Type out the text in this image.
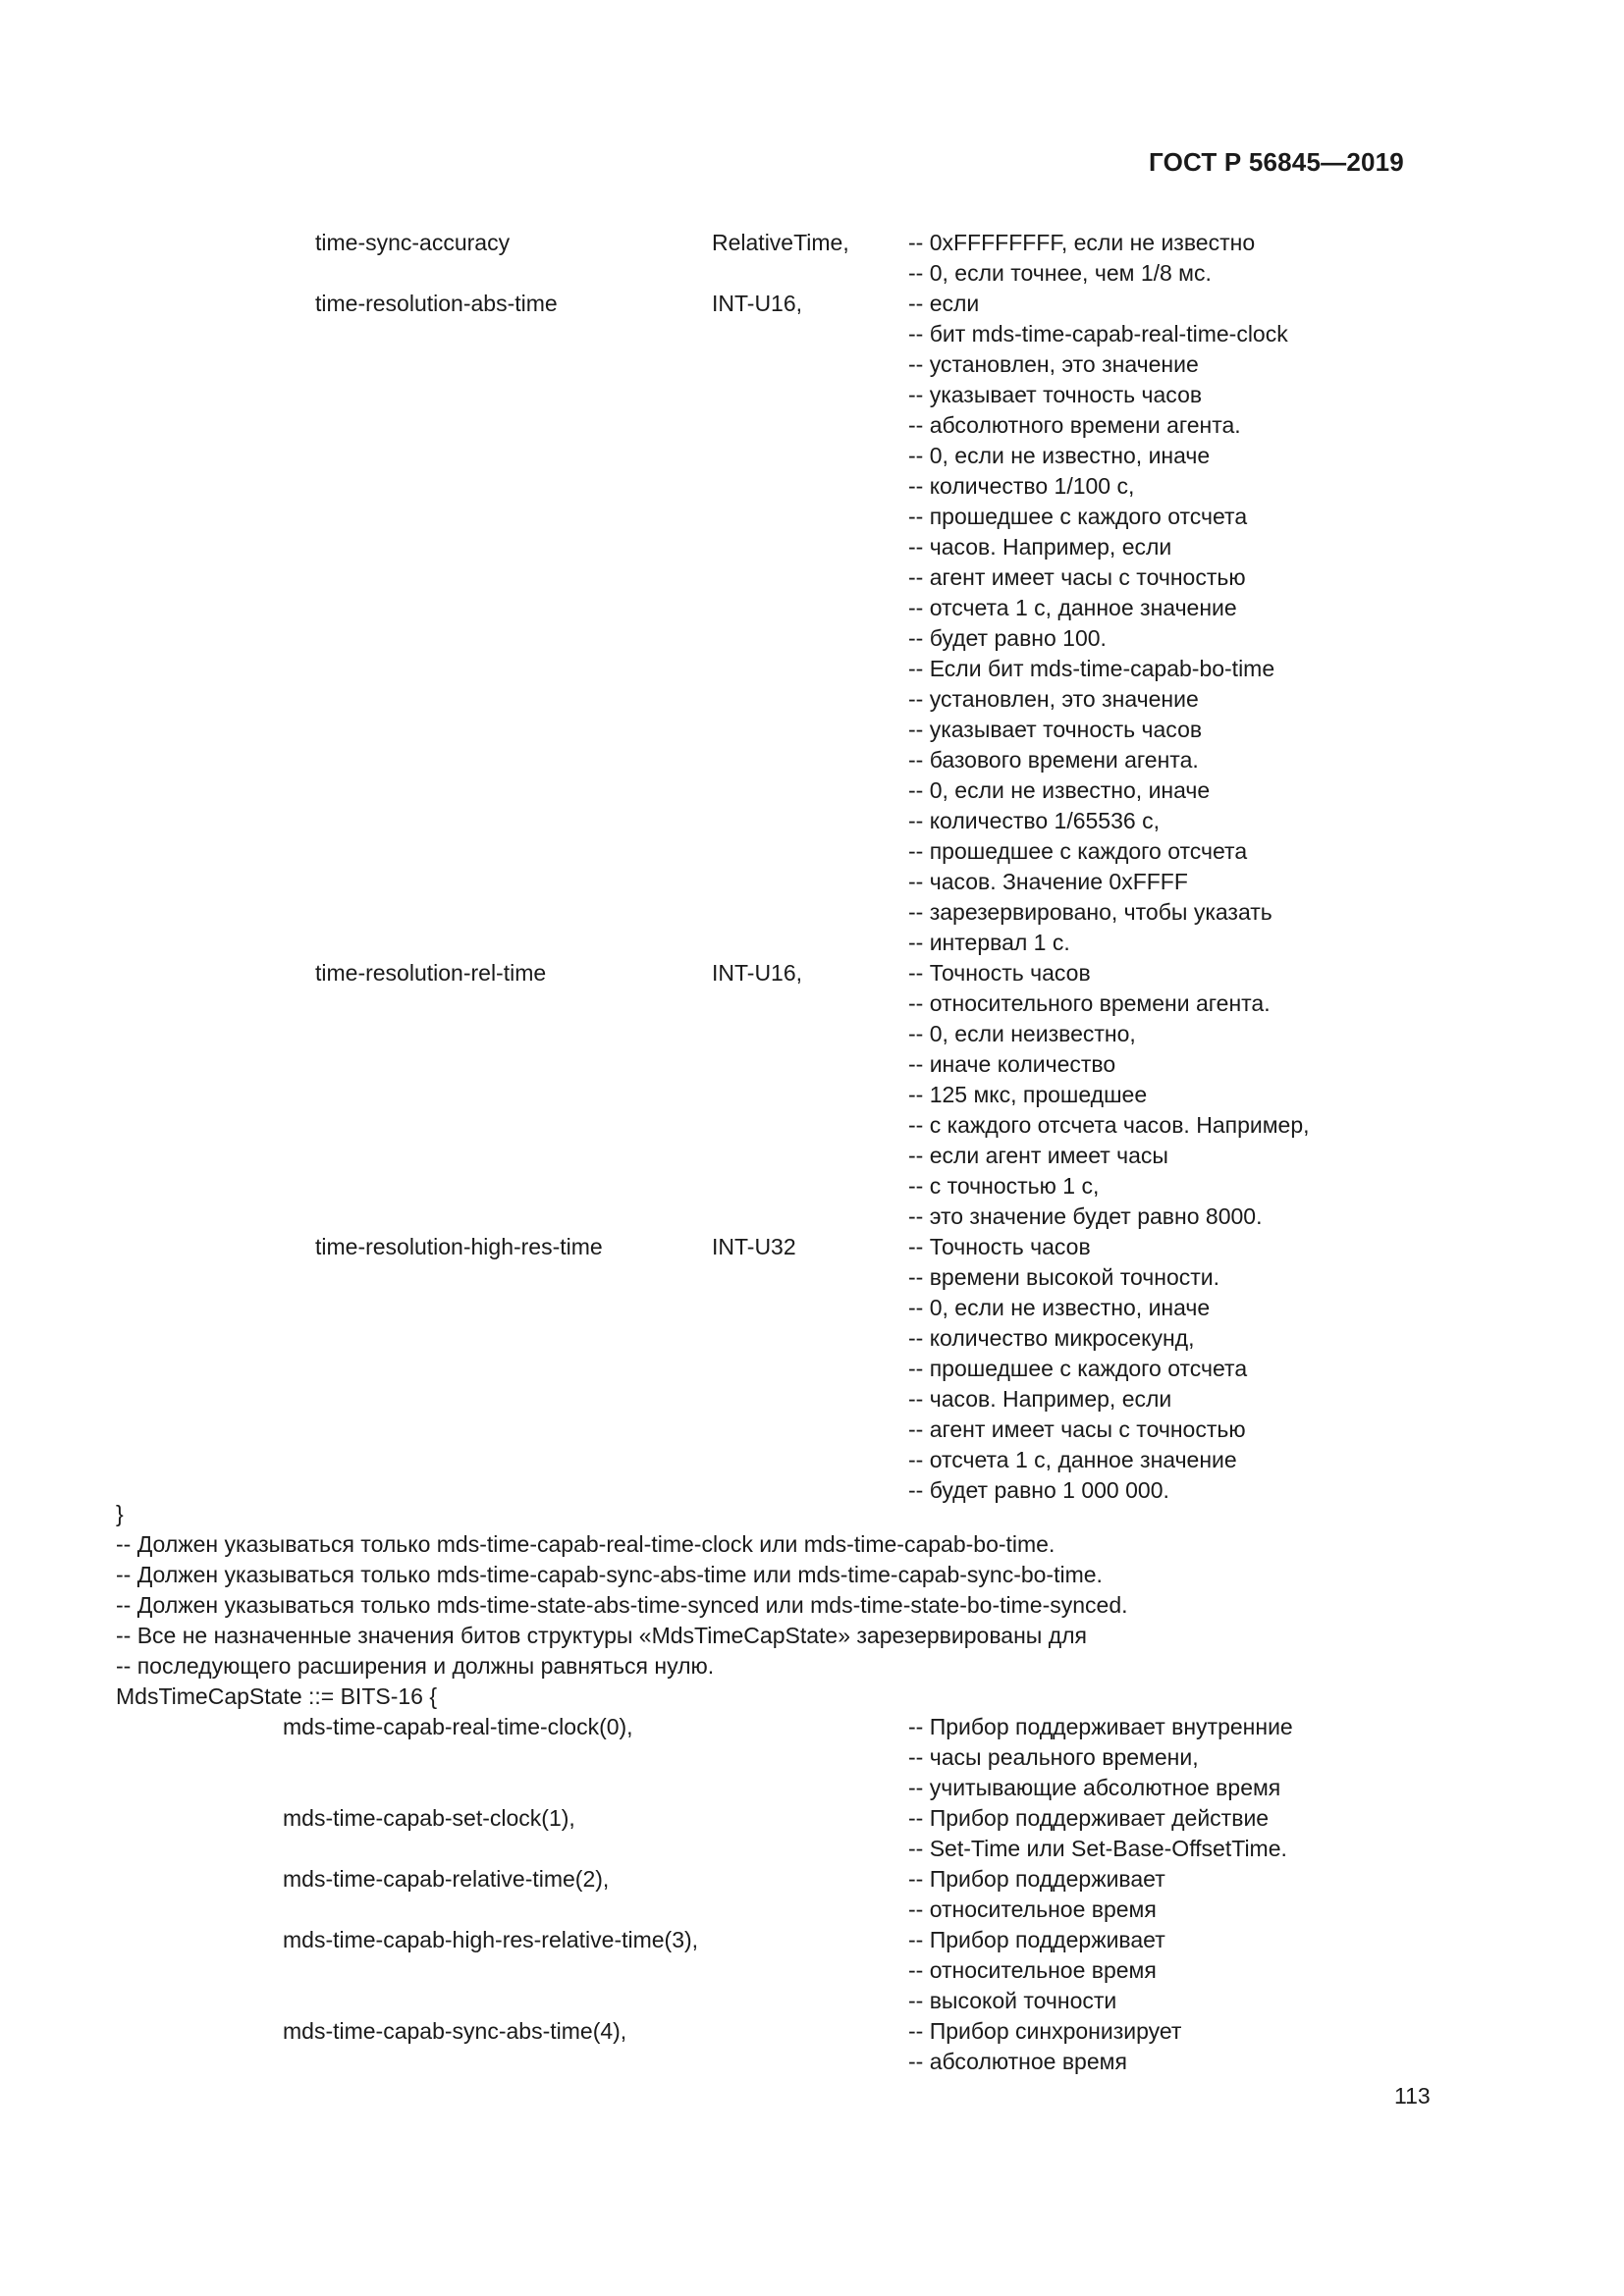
ГОСТ Р 56845—2019
time-sync-accuracy	RelativeTime,	-- 0xFFFFFFFF, если не известно
-- 0, если точнее, чем 1/8 мс.
time-resolution-abs-time	INT-U16,	-- если
-- бит mds-time-capab-real-time-clock
-- установлен, это значение
-- указывает точность часов
-- абсолютного времени агента.
-- 0, если не известно, иначе
-- количество 1/100 с,
-- прошедшее с каждого отсчета
-- часов. Например, если
-- агент имеет часы с точностью
-- отсчета 1 с, данное значение
-- будет равно 100.
-- Если бит mds-time-capab-bo-time
-- установлен, это значение
-- указывает точность часов
-- базового времени агента.
-- 0, если не известно, иначе
-- количество 1/65536 с,
-- прошедшее с каждого отсчета
-- часов. Значение 0xFFFF
-- зарезервировано, чтобы указать
-- интервал 1 с.
time-resolution-rel-time	INT-U16,	-- Точность часов
-- относительного времени агента.
-- 0, если неизвестно,
-- иначе количество
-- 125 мкс, прошедшее
-- с каждого отсчета часов. Например,
-- если агент имеет часы
-- с точностью 1 с,
-- это значение будет равно 8000.
time-resolution-high-res-time	INT-U32	-- Точность часов
-- времени высокой точности.
-- 0, если не известно, иначе
-- количество микросекунд,
-- прошедшее с каждого отсчета
-- часов. Например, если
-- агент имеет часы с точностью
-- отсчета 1 с, данное значение
-- будет равно 1 000 000.
}
-- Должен указываться только mds-time-capab-real-time-clock или mds-time-capab-bo-time.
-- Должен указываться только mds-time-capab-sync-abs-time или mds-time-capab-sync-bo-time.
-- Должен указываться только mds-time-state-abs-time-synced или mds-time-state-bo-time-synced.
-- Все не назначенные значения битов структуры «MdsTimeCapState» зарезервированы для
-- последующего расширения и должны равняться нулю.
MdsTimeCapState ::= BITS-16 {
mds-time-capab-real-time-clock(0),	-- Прибор поддерживает внутренние
-- часы реального времени,
-- учитывающие абсолютное время
mds-time-capab-set-clock(1),	-- Прибор поддерживает действие
-- Set-Time или Set-Base-OffsetTime.
mds-time-capab-relative-time(2),	-- Прибор поддерживает
-- относительное время
mds-time-capab-high-res-relative-time(3),	-- Прибор поддерживает
-- относительное время
-- высокой точности
mds-time-capab-sync-abs-time(4),	-- Прибор синхронизирует
-- абсолютное время
113
